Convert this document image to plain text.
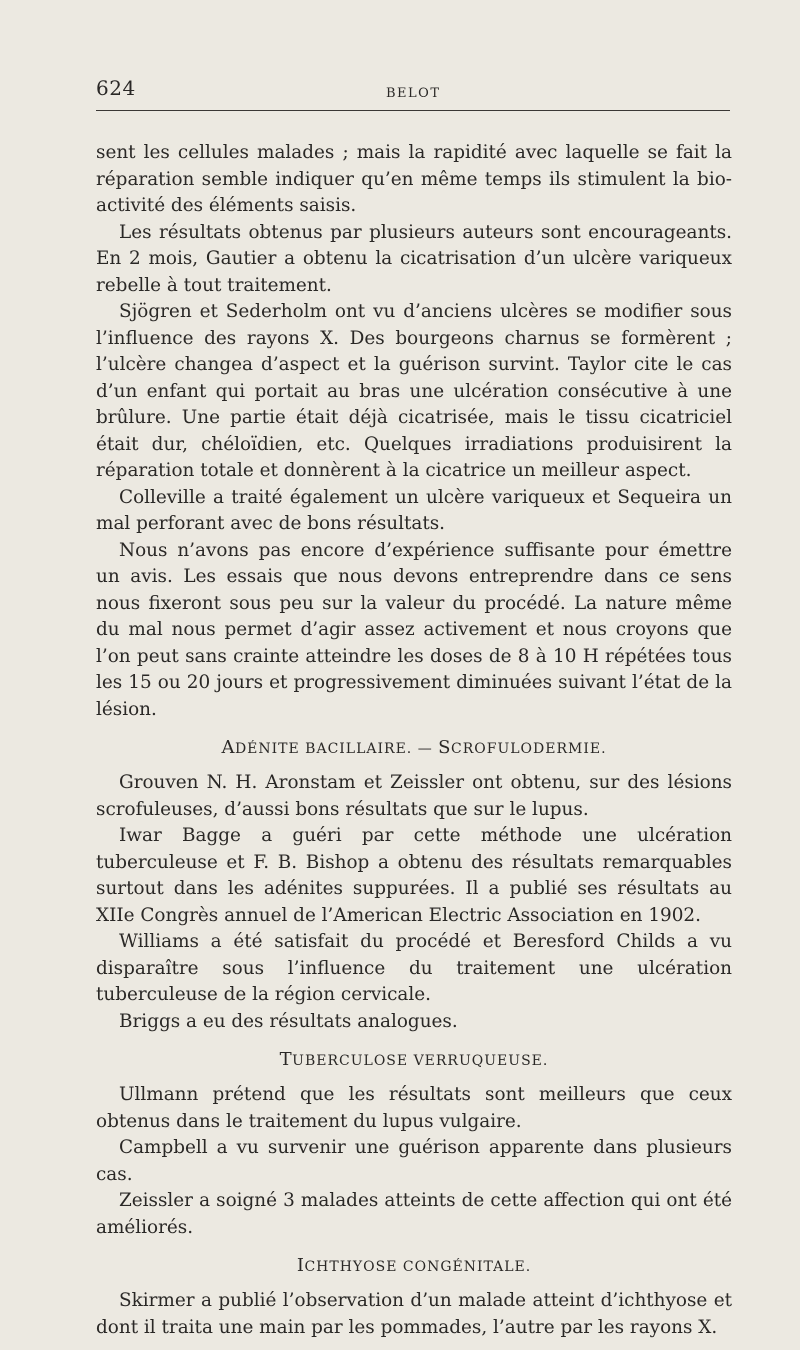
624	BELOT

sent les cellules malades ; mais la rapidité avec laquelle se fait la réparation semble indiquer qu’en même temps ils stimulent la bio-activité des éléments saisis.

Les résultats obtenus par plusieurs auteurs sont encourageants. En 2 mois, Gautier a obtenu la cicatrisation d’un ulcère variqueux rebelle à tout traitement.

Sjögren et Sederholm ont vu d’anciens ulcères se modifier sous l’influence des rayons X. Des bourgeons charnus se formèrent ; l’ulcère changea d’aspect et la guérison survint. Taylor cite le cas d’un enfant qui portait au bras une ulcération consécutive à une brûlure. Une partie était déjà cicatrisée, mais le tissu cicatriciel était dur, chéloïdien, etc. Quelques irradiations produisirent la réparation totale et donnèrent à la cicatrice un meilleur aspect.

Colleville a traité également un ulcère variqueux et Sequeira un mal perforant avec de bons résultats.

Nous n’avons pas encore d’expérience suffisante pour émettre un avis. Les essais que nous devons entreprendre dans ce sens nous fixeront sous peu sur la valeur du procédé. La nature même du mal nous permet d’agir assez activement et nous croyons que l’on peut sans crainte atteindre les doses de 8 à 10 H répétées tous les 15 ou 20 jours et progressivement diminuées suivant l’état de la lésion.

ADÉNITE BACILLAIRE. — SCROFULODERMIE.

Grouven N. H. Aronstam et Zeissler ont obtenu, sur des lésions scrofuleuses, d’aussi bons résultats que sur le lupus.

Iwar Bagge a guéri par cette méthode une ulcération tuberculeuse et F. B. Bishop a obtenu des résultats remarquables surtout dans les adénites suppurées. Il a publié ses résultats au XIIe Congrès annuel de l’American Electric Association en 1902.

Williams a été satisfait du procédé et Beresford Childs a vu disparaître sous l’influence du traitement une ulcération tuberculeuse de la région cervicale.

Briggs a eu des résultats analogues.

TUBERCULOSE VERRUQUEUSE.

Ullmann prétend que les résultats sont meilleurs que ceux obtenus dans le traitement du lupus vulgaire.

Campbell a vu survenir une guérison apparente dans plusieurs cas.

Zeissler a soigné 3 malades atteints de cette affection qui ont été améliorés.

ICHTHYOSE CONGÉNITALE.

Skirmer a publié l’observation d’un malade atteint d’ichthyose et dont il traita une main par les pommades, l’autre par les rayons X.
